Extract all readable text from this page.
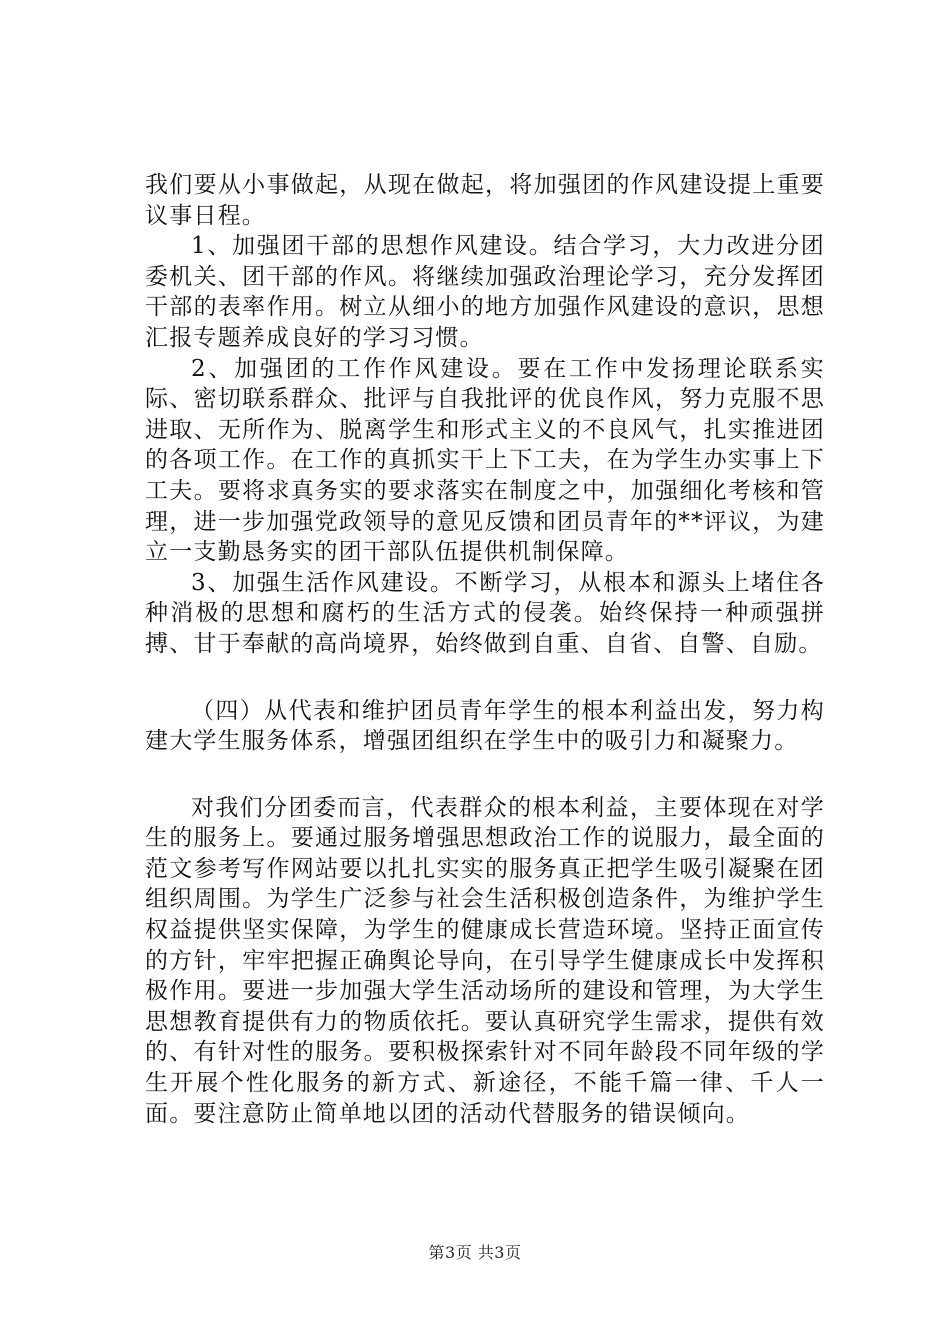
我们要从小事做起，从现在做起，将加强团的作风建设提上重要议事日程。

1、加强团干部的思想作风建设。结合学习，大力改进分团委机关、团干部的作风。将继续加强政治理论学习，充分发挥团干部的表率作用。树立从细小的地方加强作风建设的意识，思想汇报专题养成良好的学习习惯。

2、加强团的工作作风建设。要在工作中发扬理论联系实际、密切联系群众、批评与自我批评的优良作风，努力克服不思进取、无所作为、脱离学生和形式主义的不良风气，扎实推进团的各项工作。在工作的真抓实干上下工夫，在为学生办实事上下工夫。要将求真务实的要求落实在制度之中，加强细化考核和管理，进一步加强党政领导的意见反馈和团员青年的**评议，为建立一支勤恳务实的团干部队伍提供机制保障。

3、加强生活作风建设。不断学习，从根本和源头上堵住各种消极的思想和腐朽的生活方式的侵袭。始终保持一种顽强拼搏、甘于奉献的高尚境界，始终做到自重、自省、自警、自励。

（四）从代表和维护团员青年学生的根本利益出发，努力构建大学生服务体系，增强团组织在学生中的吸引力和凝聚力。

对我们分团委而言，代表群众的根本利益，主要体现在对学生的服务上。要通过服务增强思想政治工作的说服力，最全面的范文参考写作网站要以扎扎实实的服务真正把学生吸引凝聚在团组织周围。为学生广泛参与社会生活积极创造条件，为维护学生权益提供坚实保障，为学生的健康成长营造环境。坚持正面宣传的方针，牢牢把握正确舆论导向，在引导学生健康成长中发挥积极作用。要进一步加强大学生活动场所的建设和管理，为大学生思想教育提供有力的物质依托。要认真研究学生需求，提供有效的、有针对性的服务。要积极探索针对不同年龄段不同年级的学生开展个性化服务的新方式、新途径，不能千篇一律、千人一面。要注意防止简单地以团的活动代替服务的错误倾向。

第3页 共3页
